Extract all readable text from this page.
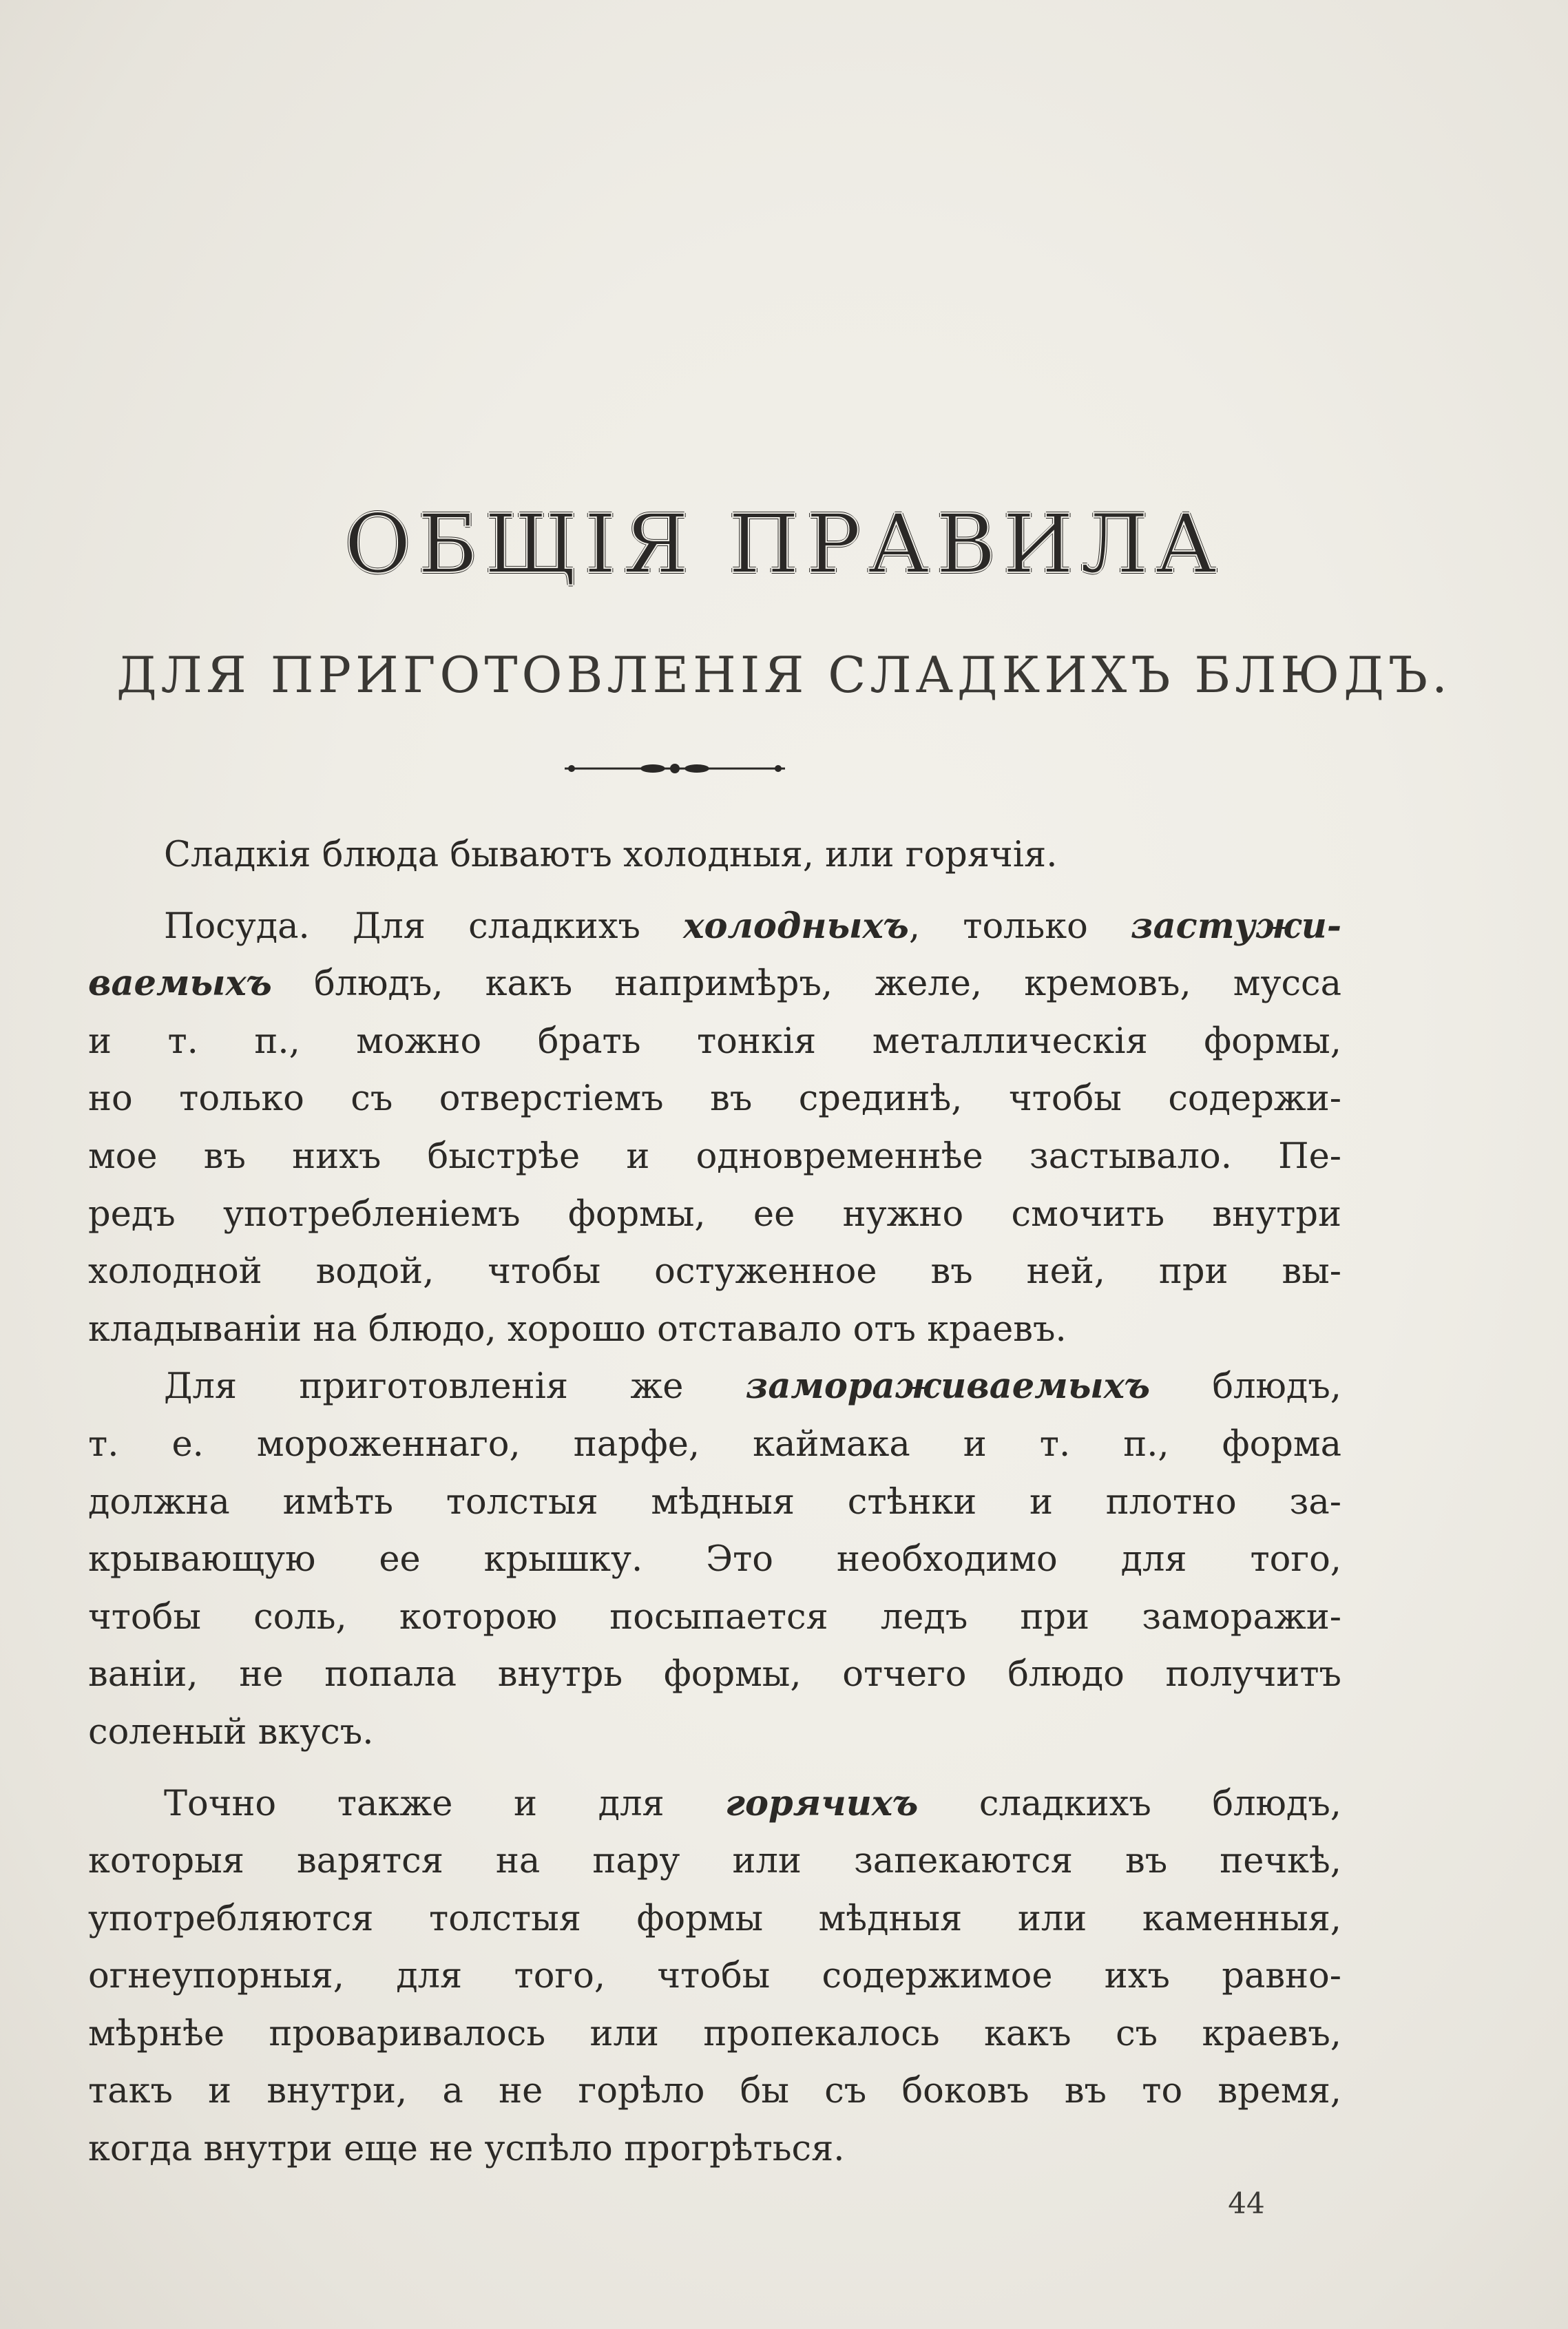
ОБЩІЯ ПРАВИЛА
ДЛЯ ПРИГОТОВЛЕНІЯ СЛАДКИХЪ БЛЮДЪ.
Сладкія блюда бываютъ холодныя, или горячія.
Посуда. Для сладкихъ холодныхъ, только застужи-
ваемыхъ блюдъ, какъ напримѣръ, желе, кремовъ, мусса
и т. п., можно брать тонкія металлическія формы,
но только съ отверстіемъ въ срединѣ, чтобы содержи-
мое въ нихъ быстрѣе и одновременнѣе застывало. Пе-
редъ употребленіемъ формы, ее нужно смочить внутри
холодной водой, чтобы остуженное въ ней, при вы-
кладываніи на блюдо, хорошо отставало отъ краевъ.
Для приготовленія же замораживаемыхъ блюдъ,
т. е. мороженнаго, парфе, каймака и т. п., форма
должна имѣть толстыя мѣдныя стѣнки и плотно за-
крывающую ее крышку. Это необходимо для того,
чтобы соль, которою посыпается ледъ при заморажи-
ваніи, не попала внутрь формы, отчего блюдо получитъ
соленый вкусъ.
Точно также и для горячихъ сладкихъ блюдъ,
которыя варятся на пару или запекаются въ печкѣ,
употребляются толстыя формы мѣдныя или каменныя,
огнеупорныя, для того, чтобы содержимое ихъ равно-
мѣрнѣе проваривалось или пропекалось какъ съ краевъ,
такъ и внутри, а не горѣло бы съ боковъ въ то время,
когда внутри еще не успѣло прогрѣться.
44
